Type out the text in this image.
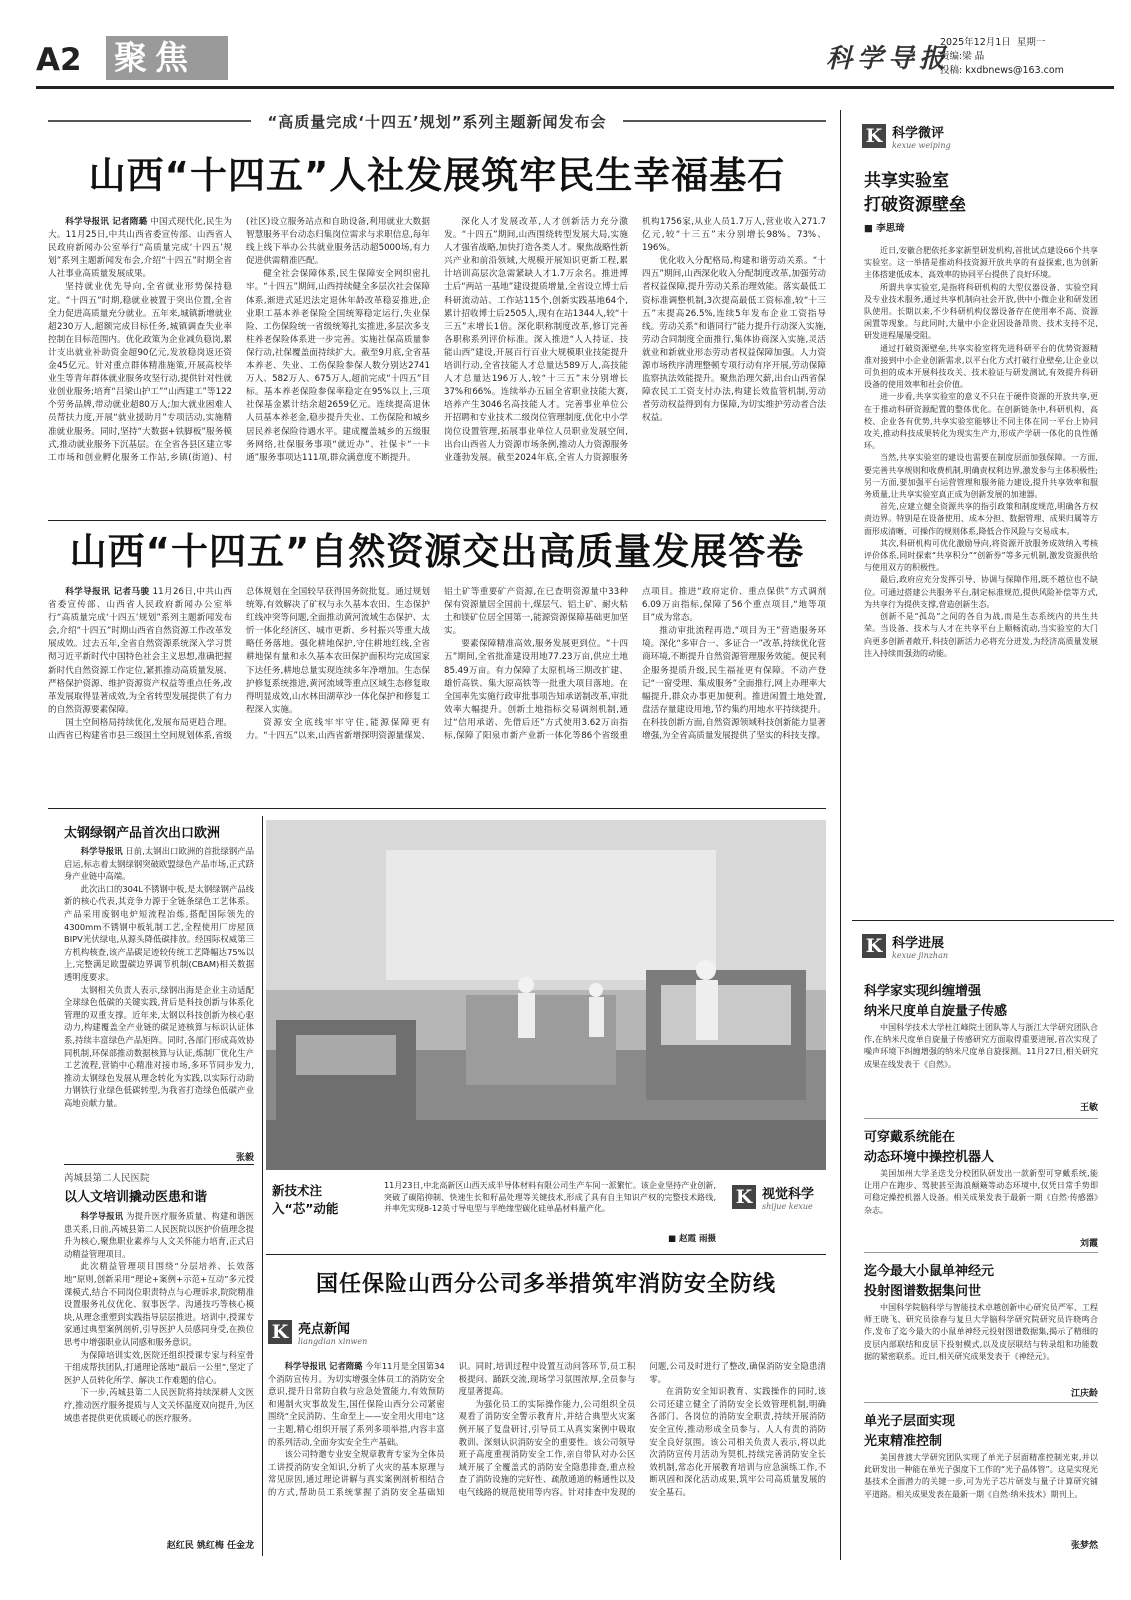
A2 聚焦	科学导报
2025年12月1日 星期一
责编:梁 晶
投稿: kxdbnews@163.com
“高质量完成‘十四五’规划”系列主题新闻发布会
山西“十四五”人社发展筑牢民生幸福基石

科学导报讯 记者隋璐 中国式现代化,民生为大。11月25日,中共山西省委宣传部、山西省人民政府新闻办公室举行“高质量完成‘十四五’规划”系列主题新闻发布会,介绍“十四五”时期全省人社事业高质量发展成果。

坚持就业优先导向,全省就业形势保持稳定。“十四五”时期,稳就业被置于突出位置,全省全力促进高质量充分就业。五年来,城镇新增就业超230万人,超额完成目标任务,城镇调查失业率控制在目标范围内。优化政策为企业减负稳岗,累计支出就业补助资金超90亿元,发放稳岗返还资金45亿元。针对重点群体精准施策,开展高校毕业生等青年群体就业服务攻坚行动,提供针对性就业创业服务;培育“吕梁山护工”“山西建工”等122个劳务品牌,带动就业超80万人;加大就业困难人员帮扶力度,开展“就业援助月”专项活动,实施精准就业服务。同时,坚持“大数据+铁脚板”服务模式,推动就业服务下沉基层。在全省各县区建立零工市场和创业孵化服务工作站,乡镇(街道)、村(社区)设立服务站点和自助设备,利用就业大数据智慧服务平台动态归集岗位需求与求职信息,每年线上线下举办公共就业服务活动超5000场,有力促进供需精准匹配。

健全社会保障体系,民生保障安全网织密扎牢。“十四五”期间,山西持续健全多层次社会保障体系,渐进式延迟法定退休年龄改革稳妥推进,企业职工基本养老保险全国统筹稳定运行,失业保险、工伤保险统一省级统筹扎实推进,多层次多支柱养老保险体系进一步完善。实施社保高质量参保行动,社保覆盖面持续扩大。截至9月底,全省基本养老、失业、工伤保险参保人数分别达2741万人、582万人、675万人,超前完成“十四五”目标。基本养老保险参保率稳定在95%以上,三项社保基金累计结余超2659亿元。连续提高退休人员基本养老金,稳步提升失业、工伤保险和城乡居民养老保险待遇水平。建成覆盖城乡的五级服务网络,社保服务事项“就近办”、社保卡“一卡通”服务事项达111项,群众满意度不断提升。

深化人才发展改革,人才创新活力充分激发。“十四五”期间,山西围绕转型发展大局,实施人才强省战略,加快打造各类人才。聚焦战略性新兴产业和前沿领域,大规模开展知识更新工程,累计培训高层次急需紧缺人才1.7万余名。推进博士后“两站一基地”建设提质增量,全省设立博士后科研流动站、工作站115个,创新实践基地64个,累计招收博士后2505人,现有在站1344人,较“十三五”末增长1倍。深化职称制度改革,修订完善各职称系列评价标准。深入推进“人人持证、技能山西”建设,开展百行百业大规模职业技能提升培训行动,全省技能人才总量达589万人,高技能人才总量达196万人,较“十三五”末分别增长37%和66%。连续举办五届全省职业技能大赛,培养产生3046名高技能人才。完善事业单位公开招聘和专业技术二级岗位管理制度,优化中小学岗位设置管理,拓展事业单位人员职业发展空间,出台山西省人力资源市场条例,推动人力资源服务业蓬勃发展。截至2024年底,全省人力资源服务机构1756家,从业人员1.7万人,营业收入271.7亿元,较“十三五”末分别增长98%、73%、196%。

优化收入分配格局,构建和谐劳动关系。“十四五”期间,山西深化收入分配制度改革,加强劳动者权益保障,提升劳动关系治理效能。落实最低工资标准调整机制,3次提高最低工资标准,较“十三五”末提高26.5%,连续5年发布企业工资指导线。劳动关系“和谐同行”能力提升行动深入实施,劳动合同制度全面推行,集体协商深入实施,灵活就业和新就业形态劳动者权益保障加强。人力资源市场秩序清理整顿专项行动有序开展,劳动保障监察执法效能提升。聚焦治理欠薪,出台山西省保障农民工工资支付办法,构建长效监管机制,劳动者劳动权益得到有力保障,为切实维护劳动者合法权益。

山西“十四五”自然资源交出高质量发展答卷

科学导报讯 记者马骏 11月26日,中共山西省委宣传部、山西省人民政府新闻办公室举行“高质量完成‘十四五’规划”系列主题新闻发布会,介绍“十四五”时期山西省自然资源工作改革发展成效。过去五年,全省自然资源系统深入学习贯彻习近平新时代中国特色社会主义思想,准确把握新时代自然资源工作定位,紧抓推动高质量发展、严格保护资源、维护资源资产权益等重点任务,改革发展取得显著成效,为全省转型发展提供了有力的自然资源要素保障。

国土空间格局持续优化,发展布局更趋合理。山西省已构建省市县三级国土空间规划体系,省级总体规划在全国较早获得国务院批复。通过规划统筹,有效解决了矿权与永久基本农田、生态保护红线冲突等问题,全面推动黄河流域生态保护、太忻一体化经济区、城市更新、乡村振兴等重大战略任务落地。强化耕地保护,守住耕地红线,全省耕地保有量和永久基本农田保护面积均完成国家下达任务,耕地总量实现连续多年净增加。生态保护修复系统推进,黄河流域等重点区域生态修复取得明显成效,山水林田湖草沙一体化保护和修复工程深入实施。

资源安全底线牢牢守住,能源保障更有力。“十四五”以来,山西省新增探明资源量煤炭、铝土矿等重要矿产资源,在已查明资源量中33种保有资源量居全国前十,煤层气、铝土矿、耐火粘土和镁矿位居全国第一,能源资源保障基础更加坚实。

要素保障精准高效,服务发展更到位。“十四五”期间,全省批准建设用地77.23万亩,供应土地85.49万亩。有力保障了太原机场三期改扩建、雄忻高铁、集大原高铁等一批重大项目落地。在全国率先实施行政审批事项告知承诺制改革,审批效率大幅提升。创新土地指标交易调剂机制,通过“信用承诺、先借后还”方式使用3.62万亩指标,保障了阳泉市新产业新一体化等86个省级重点项目。推进“政府定价、重点保供”方式调剂6.09万亩指标,保障了56个重点项目,“地等项目”成为常态。

推动审批流程再造,“项目为王”营造服务环境。深化“多审合一、多证合一”改革,持续优化营商环境,不断提升自然资源管理服务效能。便民利企服务提质升级,民生福祉更有保障。不动产登记“一窗受理、集成服务”全面推行,网上办理率大幅提升,群众办事更加便利。推进闲置土地处置,盘活存量建设用地,节约集约用地水平持续提升。在科技创新方面,自然资源领域科技创新能力显著增强,为全省高质量发展提供了坚实的科技支撑。

太钢绿钢产品首次出口欧洲

科学导报讯 日前,太钢出口欧洲的首批绿钢产品启运,标志着太钢绿钢突破欧盟绿色产品市场,正式跻身产业链中高端。

此次出口的304L不锈钢中板,是太钢绿钢产品线新的核心代表,其竞争力源于全链条绿色工艺体系。产品采用废钢电炉短流程冶炼,搭配国际领先的4300mm不锈钢中板轧制工艺,全程使用厂房屋顶BIPV光伏绿电,从源头降低碳排放。经国际权威第三方机构核查,该产品碳足迹较传统工艺降幅达75%以上,完整满足欧盟碳边界调节机制(CBAM)相关数据透明度要求。

太钢相关负责人表示,绿钢出海是企业主动适配全球绿色低碳的关键实践,背后是科技创新与体系化管理的双重支撑。近年来,太钢以科技创新为核心驱动力,构建覆盖全产业链的碳足迹核算与标识认证体系,持续丰富绿色产品矩阵。同时,各部门形成高效协同机制,环保部推动数据核算与认证,炼制厂优化生产工艺流程,营销中心精准对接市场,多环节同步发力,推动太钢绿色发展从理念转化为实践,以实际行动助力钢铁行业绿色低碳转型,为我省打造绿色低碳产业高地贡献力量。

张毅
芮城县第二人民医院
以人文培训撬动医患和谐

科学导报讯 为提升医疗服务质量、构建和谐医患关系,日前,芮城县第二人民医院以医护价值理念提升为核心,聚焦职业素养与人文关怀能力培育,正式启动精益管理项目。

此次精益管理项目围绕“分层培养、长效落地”原则,创新采用“理论+案例+示范+互动”多元授课模式,结合不同岗位职责特点与心理诉求,院院精准设置服务礼仪优化、叙事医学、沟通技巧等核心模块,从理念重塑到实践指导层层推进。培训中,授课专家通过典型案例剖析,引导医护人员感同身受,在换位思考中增强职业认同感和服务意识。

为保障培训实效,医院还组织授课专家与科室骨干组成帮扶团队,打通理论落地“最后一公里”,坚定了医护人员转化所学、解决工作难题的信心。

下一步,芮城县第二人民医院将持续深耕人文医疗,推动医疗服务提质与人文关怀温度双向提升,为区域患者提供更优质暖心的医疗服务。

赵红民 姚红梅 任金龙
新技术注入“芯”动能
11月23日,中北高新区山西天成半导体材料有限公司生产车间一派繁忙。该企业坚持产业创新,突破了碳陷抑制、快速生长和籽晶处理等关键技术,形成了具有自主知识产权的完整技术路线,并率先实现8-12英寸导电型与半绝缘型碳化硅单晶材料量产化。
■ 赵霞 雨摄
K 视觉科学
shijue kexue
国任保险山西分公司多举措筑牢消防安全防线
K 亮点新闻
liangdian xinwen

科学导报讯 记者隋璐 今年11月是全国第34个消防宣传月。为切实增强全体员工的消防安全意识,提升日常防自救与应急处置能力,有效预防和遏制火灾事故发生,国任保险山西分公司紧密围绕“全民消防、生命至上——安全用火用电”这一主题,精心组织开展了系列多项举措,内容丰富的系列活动,全面夯实安全生产基础。

该公司特邀专业安全规章教育专家为全体员工讲授消防安全知识,分析了火灾的基本原理与常见原因,通过理论讲解与真实案例剖析相结合的方式,帮助员工系统掌握了消防安全基础知识。同时,培训过程中设置互动问答环节,员工积极提问、踊跃交流,现场学习氛围浓厚,全员参与度显著提高。

为强化员工的实际操作能力,公司组织全员观看了消防安全警示教育片,并结合典型火灾案例开展了复盘研讨,引导员工从真实案例中吸取教训、深刻认识消防安全的重要性。该公司领导班子高度重视消防安全工作,亲自带队对办公区域开展了全覆盖式的消防安全隐患排查,重点检查了消防设施的完好性、疏散通道的畅通性以及电气线路的规范使用等内容。针对排查中发现的问题,公司及时进行了整改,确保消防安全隐患清零。

在消防安全知识教育、实践操作的同时,该公司还建立健全了消防安全长效管理机制,明确各部门、各岗位的消防安全职责,持续开展消防安全宣传,推动形成全员参与、人人有责的消防安全良好氛围。该公司相关负责人表示,将以此次消防宣传月活动为契机,持续完善消防安全长效机制,常态化开展教育培训与应急演练工作,不断巩固和深化活动成果,筑牢公司高质量发展的安全基石。

K 科学微评
kexue weiping
共享实验室
打破资源壁垒
■ 李思琦

近日,安徽合肥依托多家新型研发机构,首批试点建设66个共享实验室。这一举措是推动科技资源开放共享的有益探索,也为创新主体搭建低成本、高效率的协同平台提供了良好环境。

所谓共享实验室,是指将科研机构的大型仪器设备、实验空间及专业技术服务,通过共享机制向社会开放,供中小微企业和研发团队使用。长期以来,不少科研机构仪器设备存在使用率不高、资源闲置等现象。与此同时,大量中小企业因设备昂贵、技术支持不足,研发进程屡屡受阻。

通过打破资源壁垒,共享实验室将先进科研平台的优势资源精准对接到中小企业创新需求,以平台化方式打破行业壁垒,让企业以可负担的成本开展科技攻关、技术验证与研发测试,有效提升科研设备的使用效率和社会价值。

进一步看,共享实验室的意义不只在于硬件资源的开放共享,更在于推动科研资源配置的整体优化。在创新链条中,科研机构、高校、企业各有优势,共享实验室能够让不同主体在同一平台上协同攻关,推动科技成果转化为现实生产力,形成产学研一体化的良性循环。

当然,共享实验室的建设也需要在制度层面加强保障。一方面,要完善共享规则和收费机制,明确责权利边界,激发参与主体积极性;另一方面,要加强平台运营管理和服务能力建设,提升共享效率和服务质量,让共享实验室真正成为创新发展的加速器。

首先,应建立健全资源共享的指引政策和制度规范,明确各方权责边界。特别是在设备使用、成本分担、数据管理、成果归属等方面形成清晰、可操作的规则体系,降低合作风险与交易成本。

其次,科研机构可优化激励导向,将资源开放服务成效纳入考核评价体系,同时探索“共享积分”“创新券”等多元机制,激发资源供给与使用双方的积极性。

最后,政府应充分发挥引导、协调与保障作用,既不越位也不缺位。可通过搭建公共服务平台,制定标准规范,提供风险补偿等方式,为共享行为提供支撑,营造创新生态。

创新不是“孤岛”之间的各自为战,而是生态系统内的共生共荣。当设备、技术与人才在共享平台上顺畅流动,当实验室的大门向更多创新者敞开,科技创新活力必将充分迸发,为经济高质量发展注入持续而强劲的动能。

K 科学进展
kexue jinzhan
科学家实现纠缠增强
纳米尺度单自旋量子传感
中国科学技术大学杜江峰院士团队等人与浙江大学研究团队合作,在纳米尺度单自旋量子传感研究方面取得重要进展,首次实现了噪声环境下纠缠增强的纳米尺度单自旋探测。11月27日,相关研究成果在线发表于《自然》。
王敏
可穿戴系统能在
动态环境中操控机器人
美国加州大学圣迭戈分校团队研发出一款新型可穿戴系统,能让用户在跑步、驾驶甚至海浪颠簸等动态环境中,仅凭日常手势即可稳定操控机器人设备。相关成果发表于最新一期《自然·传感器》杂志。
刘霞
迄今最大小鼠单神经元
投射图谱数据集问世
中国科学院脑科学与智能技术卓越创新中心研究员严军、工程师王晓飞、研究员徐春与复旦大学脑科学研究院研究员许晓鸣合作,发布了迄今最大的小鼠单神经元投射图谱数据集,揭示了精细的皮层内部联结和皮层下投射模式,以及皮层联结与转录组和功能数据的紧密联系。近日,相关研究成果发表于《神经元》。
江庆龄
单光子层面实现
光束精准控制
美国普渡大学研究团队实现了单光子层面精准控制光束,并以此研发出一种能在单光子强度下工作的“光子晶体管”。这是实现光基技术全面潜力的关键一步,可为光子芯片研发与量子计算研究铺平道路。相关成果发表在最新一期《自然·纳米技术》期刊上。
张梦然
